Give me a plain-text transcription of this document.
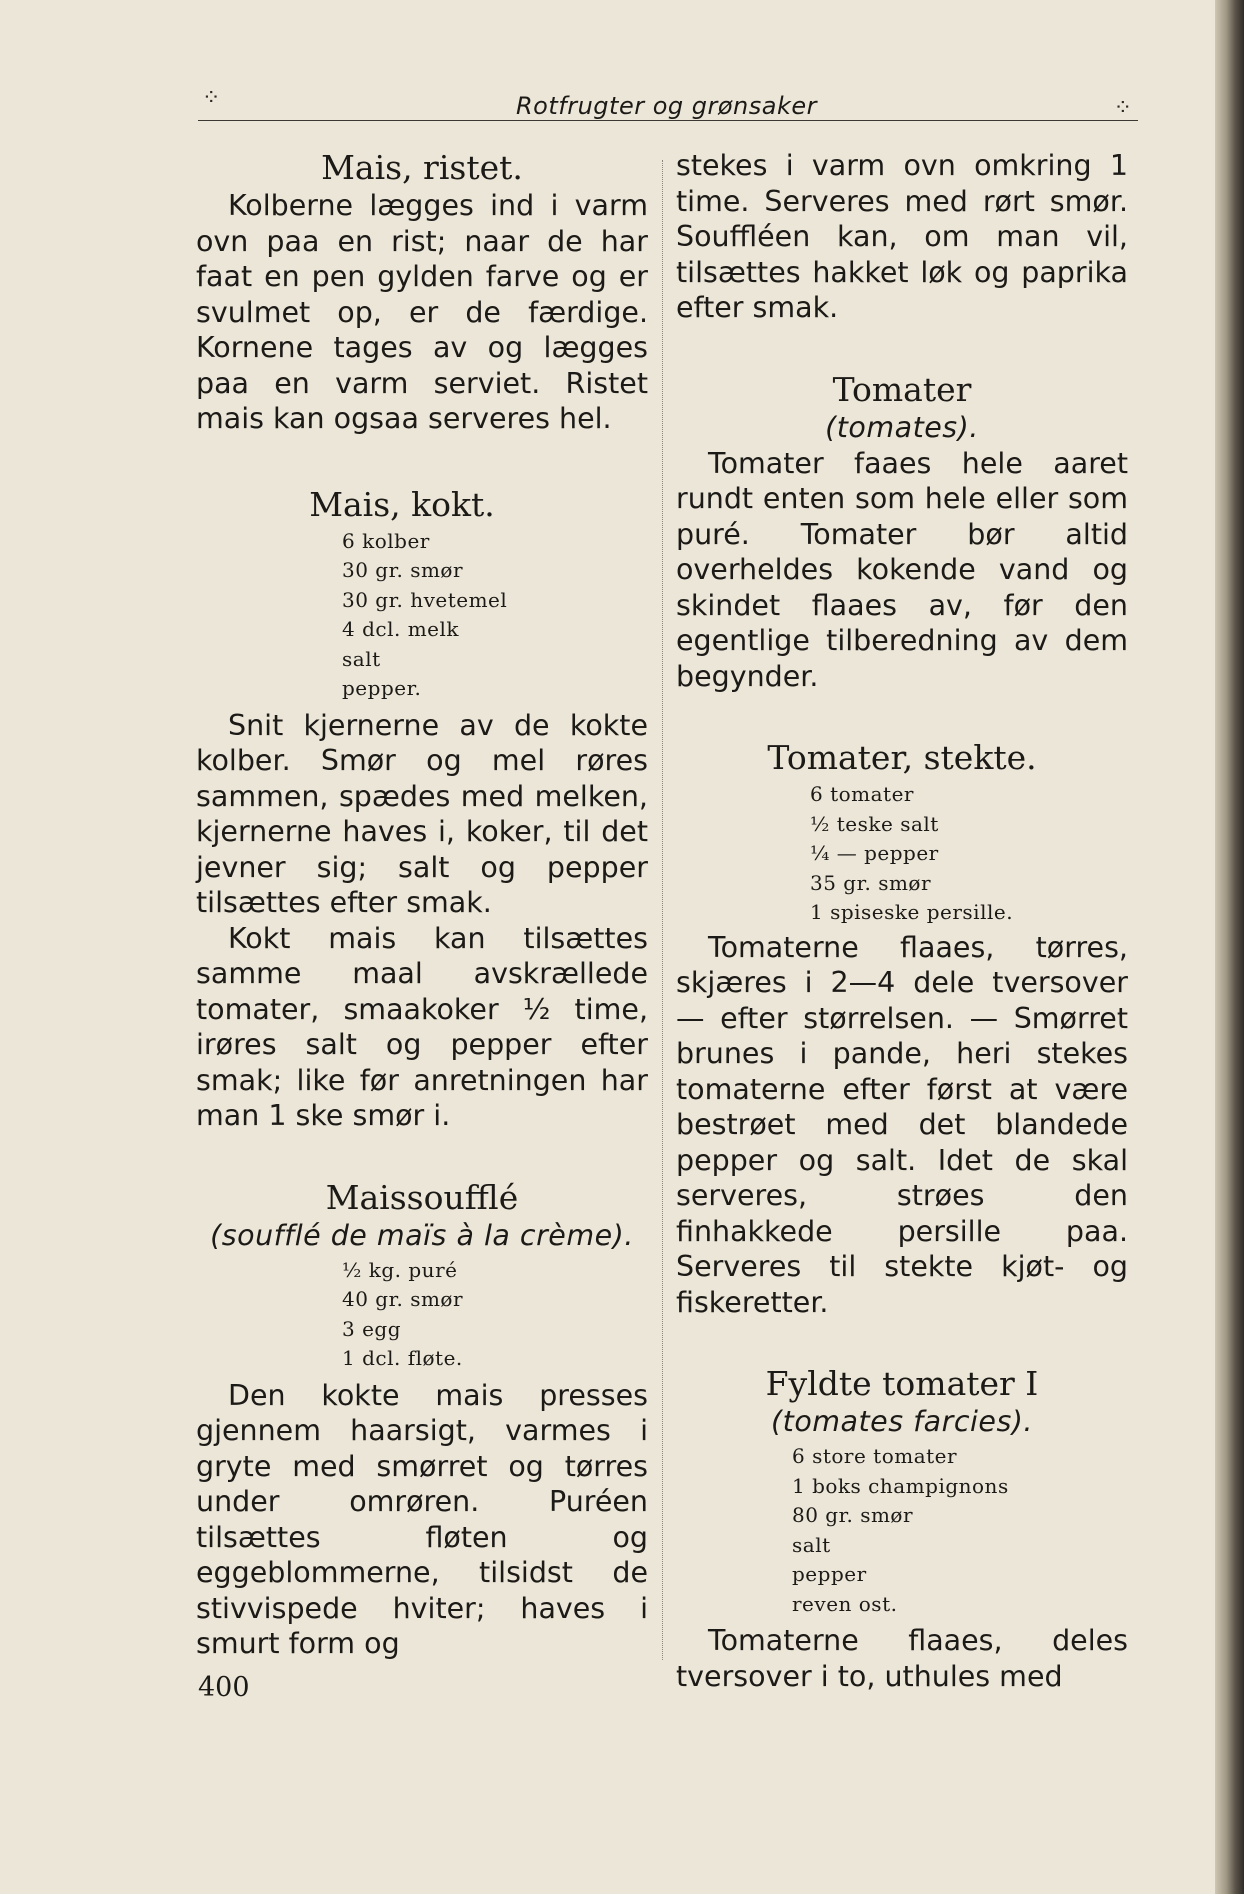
⁘	Rotfrugter og grønsaker	⁘
Mais, ristet.

Kolberne lægges ind i varm ovn paa en rist; naar de har faat en pen gylden farve og er svulmet op, er de færdige. Kornene tages av og lægges paa en varm serviet. Ristet mais kan ogsaa serveres hel.

Mais, kokt.
6 kolber
30 gr. smør
30 gr. hvetemel
4 dcl. melk
salt
pepper.

Snit kjernerne av de kokte kolber. Smør og mel røres sammen, spædes med melken, kjernerne haves i, koker, til det jevner sig; salt og pepper tilsættes efter smak.

Kokt mais kan tilsættes samme maal avskrællede tomater, smaakoker ½ time, irøres salt og pepper efter smak; like før anretningen har man 1 ske smør i.

Maissoufflé
(soufflé de maïs à la crème).
½ kg. puré
40 gr. smør
3 egg
1 dcl. fløte.

Den kokte mais presses gjennem haarsigt, varmes i gryte med smørret og tørres under omrøren. Puréen tilsættes fløten og eggeblommerne, tilsidst de stivvispede hviter; haves i smurt form og

stekes i varm ovn omkring 1 time. Serveres med rørt smør. Souffléen kan, om man vil, tilsættes hakket løk og paprika efter smak.

Tomater
(tomates).

Tomater faaes hele aaret rundt enten som hele eller som puré. Tomater bør altid overheldes kokende vand og skindet flaaes av, før den egentlige tilberedning av dem begynder.

Tomater, stekte.
6 tomater
½ teske salt
¼ — pepper
35 gr. smør
1 spiseske persille.

Tomaterne flaaes, tørres, skjæres i 2—4 dele tversover — efter størrelsen. — Smørret brunes i pande, heri stekes tomaterne efter først at være bestrøet med det blandede pepper og salt. Idet de skal serveres, strøes den finhakkede persille paa. Serveres til stekte kjøt- og fiskeretter.

Fyldte tomater I
(tomates farcies).
6 store tomater
1 boks champignons
80 gr. smør
salt
pepper
reven ost.

Tomaterne flaaes, deles tversover i to, uthules med

400
